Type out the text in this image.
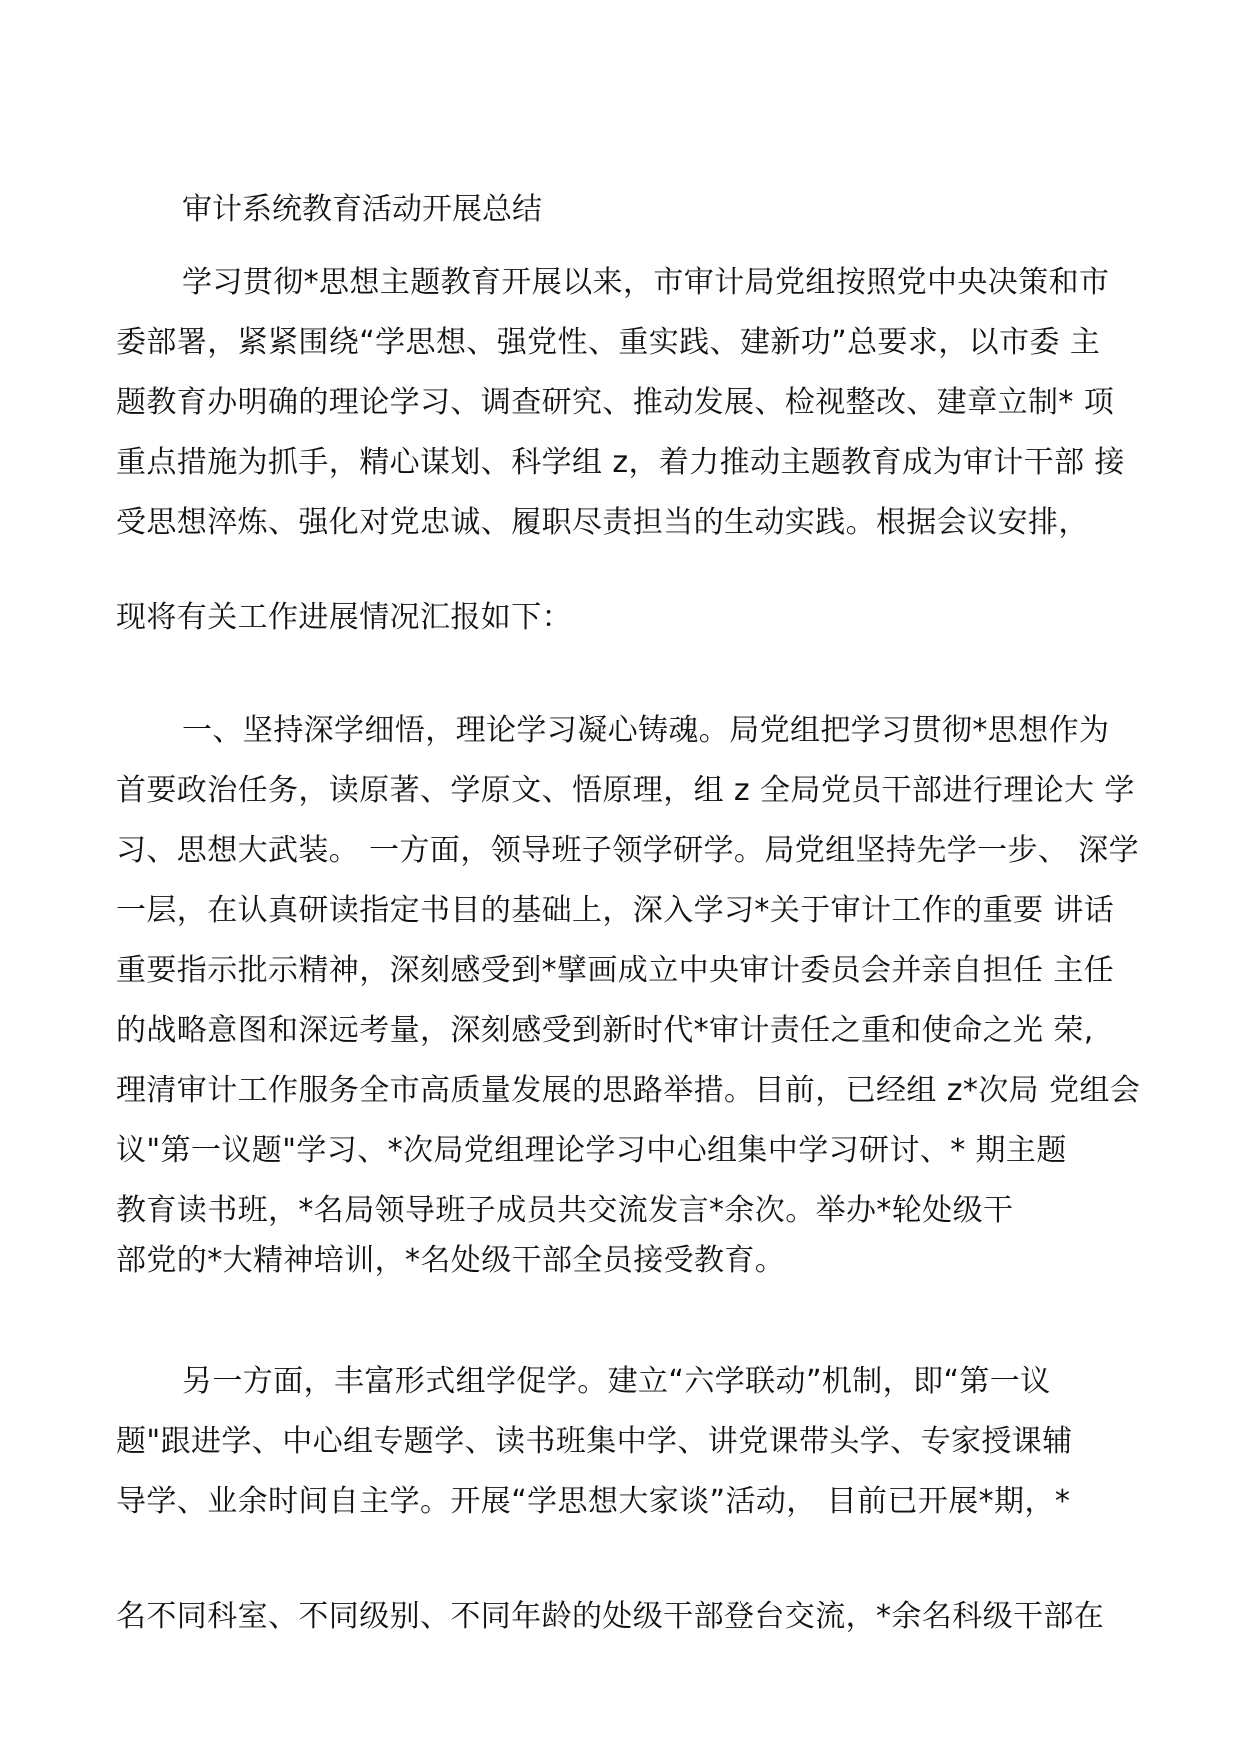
审计系统教育活动开展总结
学习贯彻*思想主题教育开展以来，市审计局党组按照党中央决策和市
委部署，紧紧围绕“学思想、强党性、重实践、建新功”总要求，以市委 主
题教育办明确的理论学习、调查研究、推动发展、检视整改、建章立制* 项
重点措施为抓手，精心谋划、科学组 z，着力推动主题教育成为审计干部 接
受思想淬炼、强化对党忠诚、履职尽责担当的生动实践。根据会议安排，
现将有关工作进展情况汇报如下：
一、坚持深学细悟，理论学习凝心铸魂。局党组把学习贯彻*思想作为
首要政治任务，读原著、学原文、悟原理，组 z 全局党员干部进行理论大 学
习、思想大武装。 一方面，领导班子领学研学。局党组坚持先学一步、 深学
一层，在认真研读指定书目的基础上，深入学习*关于审计工作的重要 讲话
重要指示批示精神，深刻感受到*擘画成立中央审计委员会并亲自担任 主任
的战略意图和深远考量，深刻感受到新时代*审计责任之重和使命之光 荣,
理清审计工作服务全市高质量发展的思路举措。目前，已经组 z*次局 党组会
议"第一议题"学习、*次局党组理论学习中心组集中学习研讨、* 期主题
教育读书班，*名局领导班子成员共交流发言*余次。举办*轮处级干
部党的*大精神培训，*名处级干部全员接受教育。
另一方面，丰富形式组学促学。建立“六学联动”机制，即“第一议
题"跟进学、中心组专题学、读书班集中学、讲党课带头学、专家授课辅
导学、业余时间自主学。开展“学思想大家谈”活动， 目前已开展*期，*
名不同科室、不同级别、不同年龄的处级干部登台交流，*余名科级干部在
